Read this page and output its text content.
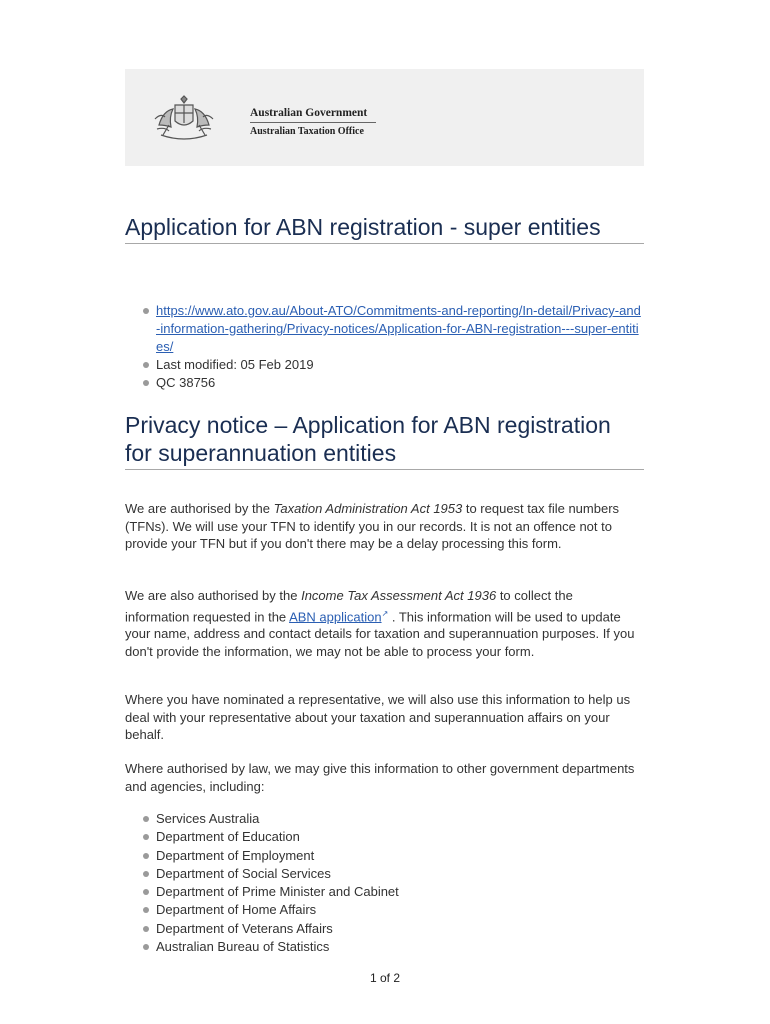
Australian Government
Australian Taxation Office
Application for ABN registration - super entities
https://www.ato.gov.au/About-ATO/Commitments-and-reporting/In-detail/Privacy-and-information-gathering/Privacy-notices/Application-for-ABN-registration---super-entities/
Last modified: 05 Feb 2019
QC 38756
Privacy notice – Application for ABN registration for superannuation entities

We are authorised by the Taxation Administration Act 1953 to request tax file numbers (TFNs). We will use your TFN to identify you in our records. It is not an offence not to provide your TFN but if you don't there may be a delay processing this form.

We are also authorised by the Income Tax Assessment Act 1936 to collect the information requested in the ABN application↗ . This information will be used to update your name, address and contact details for taxation and superannuation purposes. If you don't provide the information, we may not be able to process your form.

Where you have nominated a representative, we will also use this information to help us deal with your representative about your taxation and superannuation affairs on your behalf.

Where authorised by law, we may give this information to other government departments and agencies, including:

Services Australia
Department of Education
Department of Employment
Department of Social Services
Department of Prime Minister and Cabinet
Department of Home Affairs
Department of Veterans Affairs
Australian Bureau of Statistics
1 of 2
